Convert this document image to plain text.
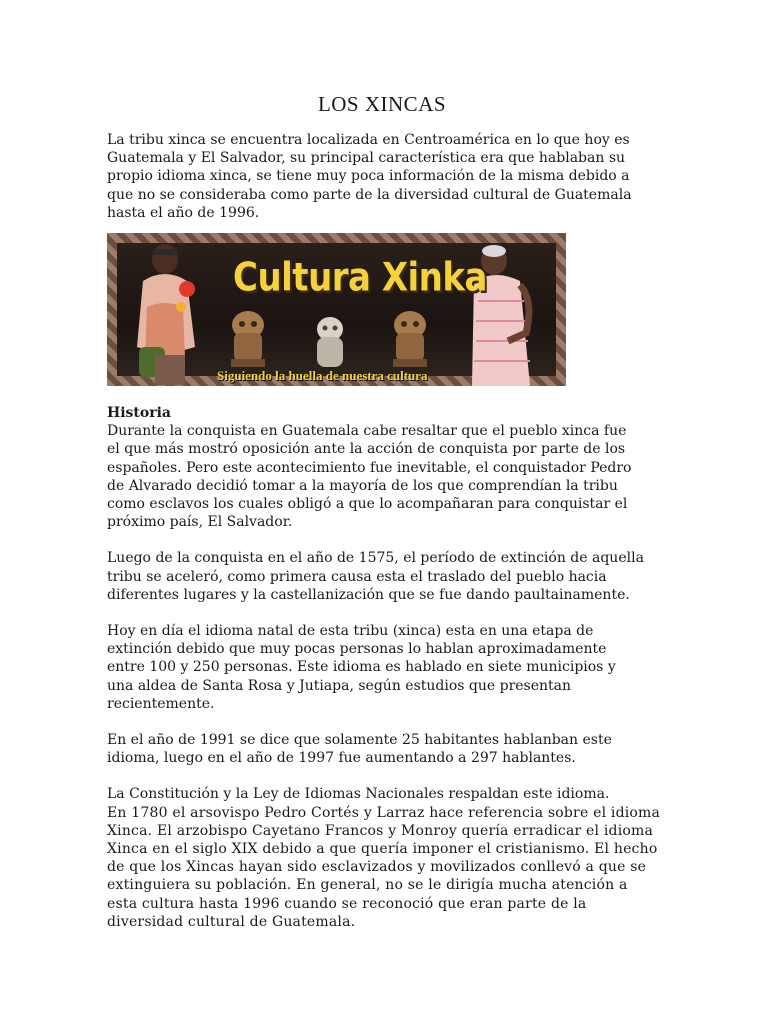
LOS XINCAS

La tribu xinca se encuentra localizada en Centroamérica en lo que hoy es
Guatemala y El Salvador, su principal característica era que hablaban su
propio idioma xinca, se tiene muy poca información de la misma debido a
que no se consideraba como parte de la diversidad cultural de Guatemala
hasta el año de 1996.

Cultura Xinka
Siguiendo la huella de nuestra cultura

Historia

Durante la conquista en Guatemala cabe resaltar que el pueblo xinca fue
el que más mostró oposición ante la acción de conquista por parte de los
españoles. Pero este acontecimiento fue inevitable, el conquistador Pedro
de Alvarado decidió tomar a la mayoría de los que comprendían la tribu
como esclavos los cuales obligó a que lo acompañaran para conquistar el
próximo país, El Salvador.

Luego de la conquista en el año de 1575, el período de extinción de aquella
tribu se aceleró, como primera causa esta el traslado del pueblo hacia
diferentes lugares y la castellanización que se fue dando paultainamente.

Hoy en día el idioma natal de esta tribu (xinca) esta en una etapa de
extinción debido que muy pocas personas lo hablan aproximadamente
entre 100 y 250 personas. Este idioma es hablado en siete municipios y
una aldea de Santa Rosa y Jutiapa, según estudios que presentan
recientemente.

En el año de 1991 se dice que solamente 25 habitantes hablanban este
idioma, luego en el año de 1997 fue aumentando a 297 hablantes.

La Constitución y la Ley de Idiomas Nacionales respaldan este idioma.

En 1780 el arsovispo Pedro Cortés y Larraz hace referencia sobre el idioma
Xinca. El arzobispo Cayetano Francos y Monroy quería erradicar el idioma
Xinca en el siglo XIX debido a que quería imponer el cristianismo. El hecho
de que los Xincas hayan sido esclavizados y movilizados conllevó a que se
extinguiera su población. En general, no se le dirigía mucha atención a
esta cultura hasta 1996 cuando se reconoció que eran parte de la
diversidad cultural de Guatemala.
